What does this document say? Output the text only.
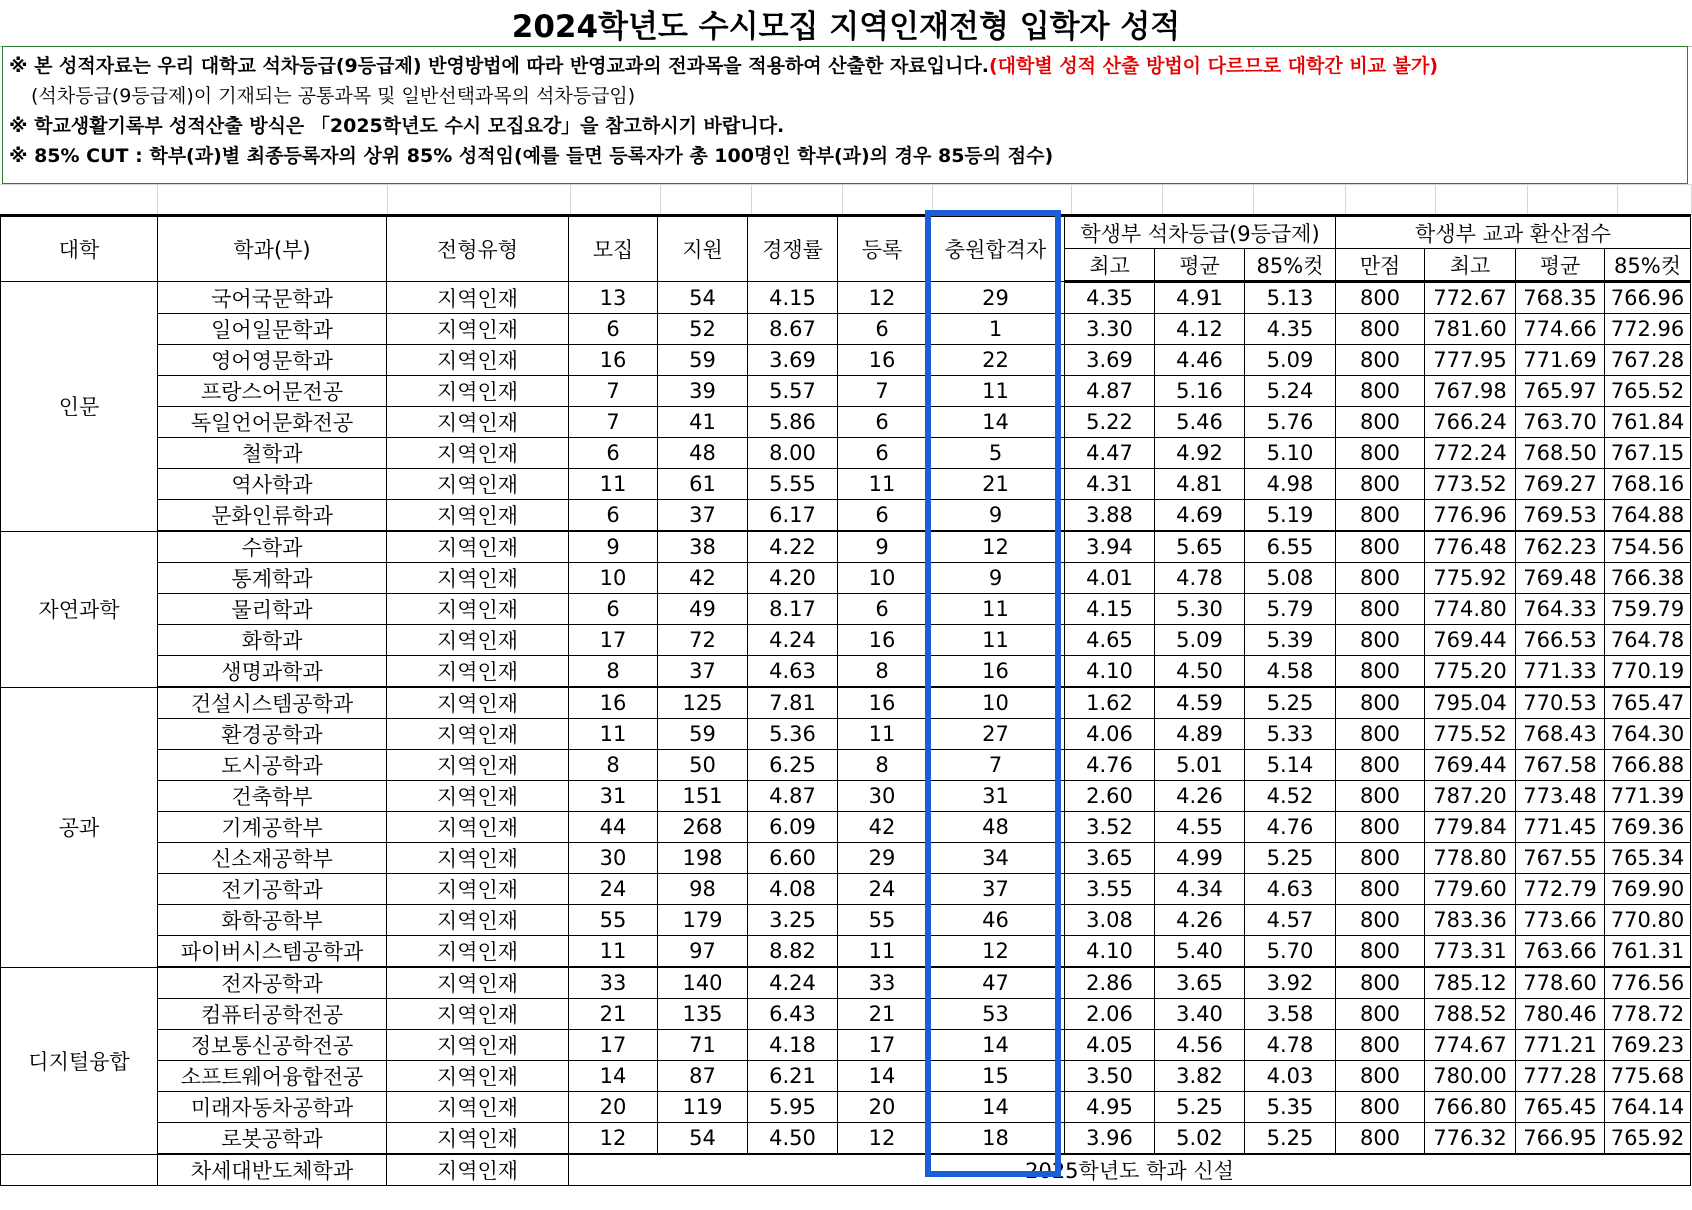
2024학년도 수시모집 지역인재전형 입학자 성적
※ 본 성적자료는 우리 대학교 석차등급(9등급제) 반영방법에 따라 반영교과의 전과목을 적용하여 산출한 자료입니다.(대학별 성적 산출 방법이 다르므로 대학간 비교 불가)
(석차등급(9등급제)이 기재되는 공통과목 및 일반선택과목의 석차등급임)
※ 학교생활기록부 성적산출 방식은 「2025학년도 수시 모집요강」을 참고하시기 바랍니다.
※ 85% CUT : 학부(과)별 최종등록자의 상위 85% 성적임(예를 들면 등록자가 총 100명인 학부(과)의 경우 85등의 점수)

대학	학과(부)	전형유형	모집	지원	경쟁률	등록	충원합격자	학생부 석차등급(9등급제)			학생부 교과 환산점수			
								최고	평균	85%컷	만점	최고	평균	85%컷
인문	국어국문학과	지역인재	13	54	4.15	12	29	4.35	4.91	5.13	800	772.67	768.35	766.96
	일어일문학과	지역인재	6	52	8.67	6	1	3.30	4.12	4.35	800	781.60	774.66	772.96
	영어영문학과	지역인재	16	59	3.69	16	22	3.69	4.46	5.09	800	777.95	771.69	767.28
	프랑스어문전공	지역인재	7	39	5.57	7	11	4.87	5.16	5.24	800	767.98	765.97	765.52
	독일언어문화전공	지역인재	7	41	5.86	6	14	5.22	5.46	5.76	800	766.24	763.70	761.84
	철학과	지역인재	6	48	8.00	6	5	4.47	4.92	5.10	800	772.24	768.50	767.15
	역사학과	지역인재	11	61	5.55	11	21	4.31	4.81	4.98	800	773.52	769.27	768.16
	문화인류학과	지역인재	6	37	6.17	6	9	3.88	4.69	5.19	800	776.96	769.53	764.88
자연과학	수학과	지역인재	9	38	4.22	9	12	3.94	5.65	6.55	800	776.48	762.23	754.56
	통계학과	지역인재	10	42	4.20	10	9	4.01	4.78	5.08	800	775.92	769.48	766.38
	물리학과	지역인재	6	49	8.17	6	11	4.15	5.30	5.79	800	774.80	764.33	759.79
	화학과	지역인재	17	72	4.24	16	11	4.65	5.09	5.39	800	769.44	766.53	764.78
	생명과학과	지역인재	8	37	4.63	8	16	4.10	4.50	4.58	800	775.20	771.33	770.19
공과	건설시스템공학과	지역인재	16	125	7.81	16	10	1.62	4.59	5.25	800	795.04	770.53	765.47
	환경공학과	지역인재	11	59	5.36	11	27	4.06	4.89	5.33	800	775.52	768.43	764.30
	도시공학과	지역인재	8	50	6.25	8	7	4.76	5.01	5.14	800	769.44	767.58	766.88
	건축학부	지역인재	31	151	4.87	30	31	2.60	4.26	4.52	800	787.20	773.48	771.39
	기계공학부	지역인재	44	268	6.09	42	48	3.52	4.55	4.76	800	779.84	771.45	769.36
	신소재공학부	지역인재	30	198	6.60	29	34	3.65	4.99	5.25	800	778.80	767.55	765.34
	전기공학과	지역인재	24	98	4.08	24	37	3.55	4.34	4.63	800	779.60	772.79	769.90
	화학공학부	지역인재	55	179	3.25	55	46	3.08	4.26	4.57	800	783.36	773.66	770.80
	파이버시스템공학과	지역인재	11	97	8.82	11	12	4.10	5.40	5.70	800	773.31	763.66	761.31
디지털융합	전자공학과	지역인재	33	140	4.24	33	47	2.86	3.65	3.92	800	785.12	778.60	776.56
	컴퓨터공학전공	지역인재	21	135	6.43	21	53	2.06	3.40	3.58	800	788.52	780.46	778.72
	정보통신공학전공	지역인재	17	71	4.18	17	14	4.05	4.56	4.78	800	774.67	771.21	769.23
	소프트웨어융합전공	지역인재	14	87	6.21	14	15	3.50	3.82	4.03	800	780.00	777.28	775.68
	미래자동차공학과	지역인재	20	119	5.95	20	14	4.95	5.25	5.35	800	766.80	765.45	764.14
	로봇공학과	지역인재	12	54	4.50	12	18	3.96	5.02	5.25	800	776.32	766.95	765.92
	차세대반도체학과	지역인재	2025학년도 학과 신설											
